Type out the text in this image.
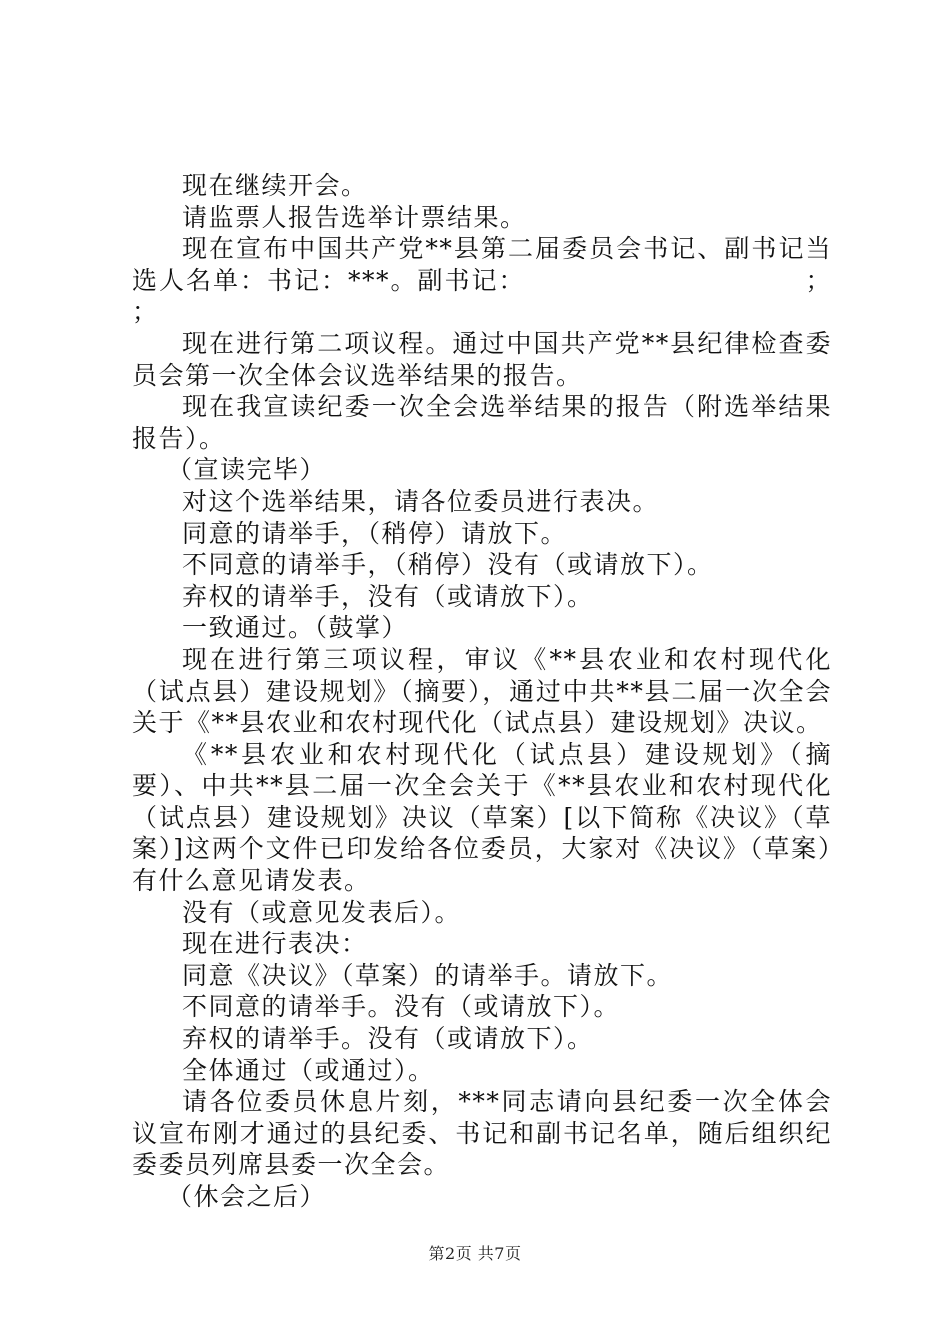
现在继续开会。

请监票人报告选举计票结果。

现在宣布中国共产党**县第二届委员会书记、副书记当选人名单：书记：***。副书记：	；

；

现在进行第二项议程。通过中国共产党**县纪律检查委员会第一次全体会议选举结果的报告。

现在我宣读纪委一次全会选举结果的报告（附选举结果报告）。

（宣读完毕）

对这个选举结果，请各位委员进行表决。

同意的请举手，（稍停）请放下。

不同意的请举手，（稍停）没有（或请放下）。

弃权的请举手，没有（或请放下）。

一致通过。（鼓掌）

现在进行第三项议程，审议《**县农业和农村现代化（试点县）建设规划》（摘要），通过中共**县二届一次全会关于《**县农业和农村现代化（试点县）建设规划》决议。

《**县农业和农村现代化（试点县）建设规划》（摘要）、中共**县二届一次全会关于《**县农业和农村现代化（试点县）建设规划》决议（草案）[以下简称《决议》（草案）]这两个文件已印发给各位委员，大家对《决议》（草案）有什么意见请发表。

没有（或意见发表后）。

现在进行表决：

同意《决议》（草案）的请举手。请放下。

不同意的请举手。没有（或请放下）。

弃权的请举手。没有（或请放下）。

全体通过（或通过）。

请各位委员休息片刻，***同志请向县纪委一次全体会议宣布刚才通过的县纪委、书记和副书记名单，随后组织纪委委员列席县委一次全会。

（休会之后）

第2页 共7页
